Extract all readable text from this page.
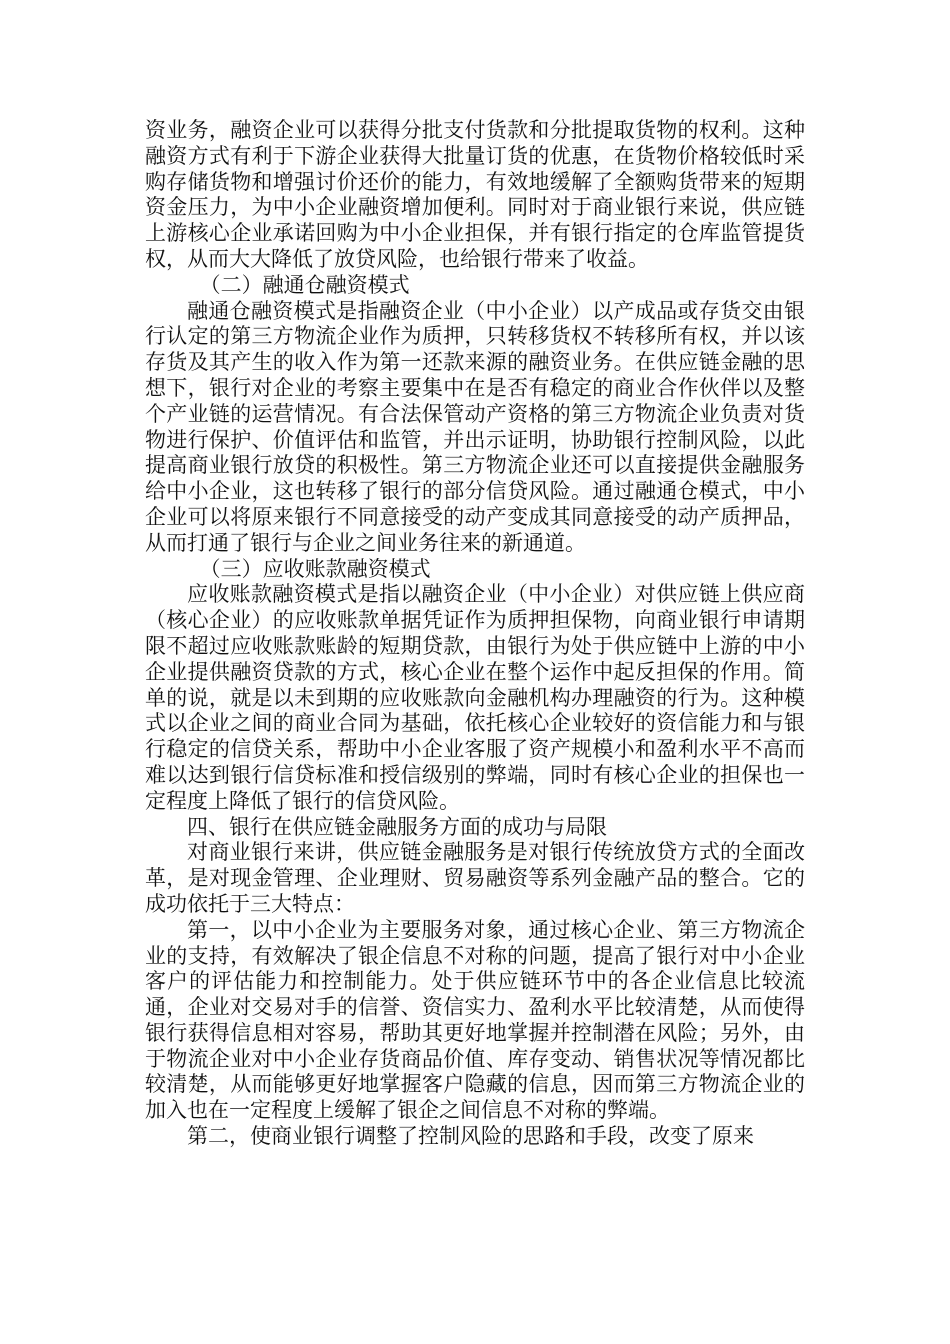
资业务，融资企业可以获得分批支付货款和分批提取货物的权利。这种融资方式有利于下游企业获得大批量订货的优惠，在货物价格较低时采购存储货物和增强讨价还价的能力，有效地缓解了全额购货带来的短期资金压力，为中小企业融资增加便利。同时对于商业银行来说，供应链上游核心企业承诺回购为中小企业担保，并有银行指定的仓库监管提货权，从而大大降低了放贷风险，也给银行带来了收益。

（二）融通仓融资模式

融通仓融资模式是指融资企业（中小企业）以产成品或存货交由银行认定的第三方物流企业作为质押，只转移货权不转移所有权，并以该存货及其产生的收入作为第一还款来源的融资业务。在供应链金融的思想下，银行对企业的考察主要集中在是否有稳定的商业合作伙伴以及整个产业链的运营情况。有合法保管动产资格的第三方物流企业负责对货物进行保护、价值评估和监管，并出示证明，协助银行控制风险，以此提高商业银行放贷的积极性。第三方物流企业还可以直接提供金融服务给中小企业，这也转移了银行的部分信贷风险。通过融通仓模式，中小企业可以将原来银行不同意接受的动产变成其同意接受的动产质押品，从而打通了银行与企业之间业务往来的新通道。

（三）应收账款融资模式

应收账款融资模式是指以融资企业（中小企业）对供应链上供应商（核心企业）的应收账款单据凭证作为质押担保物，向商业银行申请期限不超过应收账款账龄的短期贷款，由银行为处于供应链中上游的中小企业提供融资贷款的方式，核心企业在整个运作中起反担保的作用。简单的说，就是以未到期的应收账款向金融机构办理融资的行为。这种模式以企业之间的商业合同为基础，依托核心企业较好的资信能力和与银行稳定的信贷关系，帮助中小企业客服了资产规模小和盈利水平不高而难以达到银行信贷标准和授信级别的弊端，同时有核心企业的担保也一定程度上降低了银行的信贷风险。

四、银行在供应链金融服务方面的成功与局限

对商业银行来讲，供应链金融服务是对银行传统放贷方式的全面改革，是对现金管理、企业理财、贸易融资等系列金融产品的整合。它的成功依托于三大特点：

第一，以中小企业为主要服务对象，通过核心企业、第三方物流企业的支持，有效解决了银企信息不对称的问题，提高了银行对中小企业客户的评估能力和控制能力。处于供应链环节中的各企业信息比较流通，企业对交易对手的信誉、资信实力、盈利水平比较清楚，从而使得银行获得信息相对容易，帮助其更好地掌握并控制潜在风险；另外，由于物流企业对中小企业存货商品价值、库存变动、销售状况等情况都比较清楚，从而能够更好地掌握客户隐藏的信息，因而第三方物流企业的加入也在一定程度上缓解了银企之间信息不对称的弊端。

第二，使商业银行调整了控制风险的思路和手段，改变了原来
